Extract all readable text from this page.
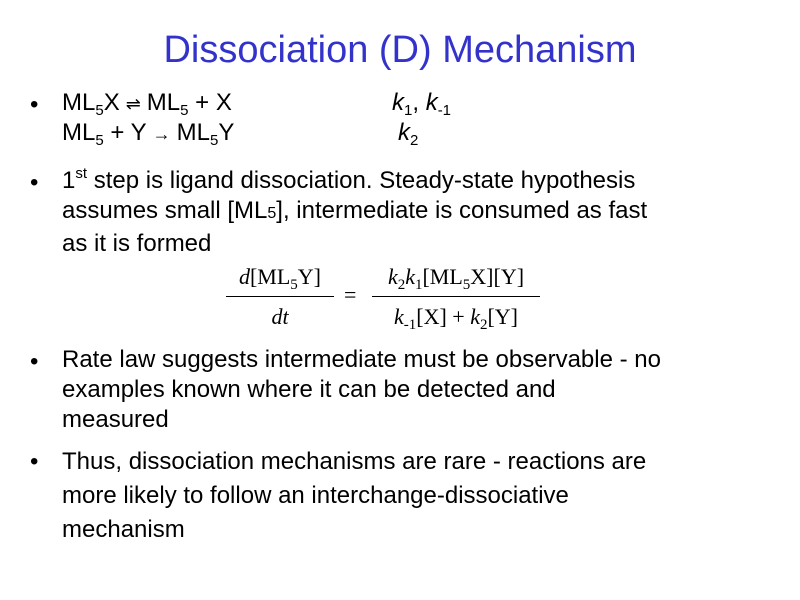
Dissociation (D) Mechanism
• $ML_5X$ ⇌ $ML_5 + X$
$ML_5 + Y \to ML_5Y$
$k_1$, $k_{-1}$
$k_2$
• 1st step is ligand dissociation. Steady-state hypothesis
assumes small [ML5], intermediate is consumed as fast
as it is formed
$d[ML_5Y]$
dt
=
$k_2k_1[ML_5X][Y]$
$k_{-1}[X] + k_2[Y]$
• Rate law suggests intermediate must be observable - no
examples known where it can be detected and
measured
• Thus, dissociation mechanisms are rare - reactions are
more likely to follow an interchange-dissociative
mechanism
